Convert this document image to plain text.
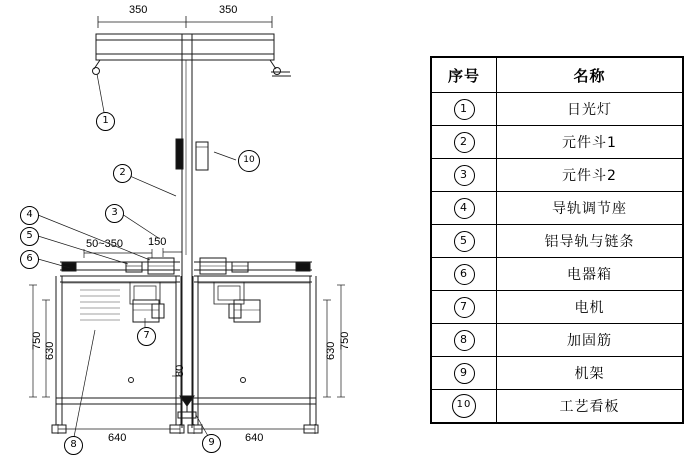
350	350
150
50~350
750
630	630
750
80
640	640
1
2
3
4
5
6
7
8	9
10
序号	名称
1	日光灯
2	元件斗1
3	元件斗2
4	导轨调节座
5	铝导轨与链条
6	电器箱
7	电机
8	加固筋
9	机架
10	工艺看板
